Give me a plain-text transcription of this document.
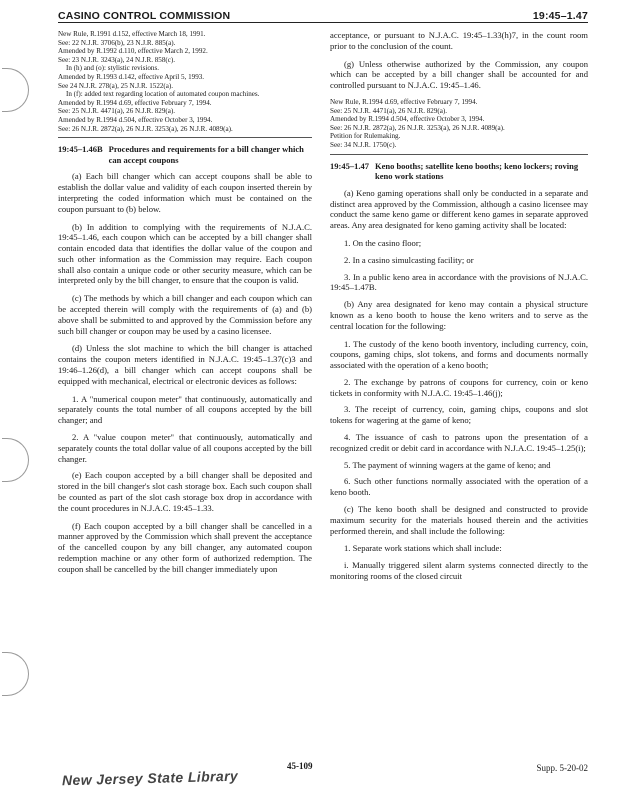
CASINO CONTROL COMMISSION	19:45–1.47
New Rule, R.1991 d.152, effective March 18, 1991.
See: 22 N.J.R. 3706(b), 23 N.J.R. 885(a).
Amended by R.1992 d.110, effective March 2, 1992.
See: 23 N.J.R. 3243(a), 24 N.J.R. 858(c).
In (h) and (o): stylistic revisions.
Amended by R.1993 d.142, effective April 5, 1993.
See 24 N.J.R. 278(a), 25 N.J.R. 1522(a).
In (f): added text regarding location of automated coupon machines.
Amended by R.1994 d.69, effective February 7, 1994.
See: 25 N.J.R. 4471(a), 26 N.J.R. 829(a).
Amended by R.1994 d.504, effective October 3, 1994.
See: 26 N.J.R. 2872(a), 26 N.J.R. 3253(a), 26 N.J.R. 4089(a).
19:45–1.46B Procedures and requirements for a bill changer which can accept coupons

(a) Each bill changer which can accept coupons shall be able to establish the dollar value and validity of each coupon inserted therein by interpreting the coded information which must be contained on the coupon pursuant to (b) below.

(b) In addition to complying with the requirements of N.J.A.C. 19:45–1.46, each coupon which can be accepted by a bill changer shall contain encoded data that identifies the dollar value of the coupon and such other information as the Commission may require. Each coupon shall also contain a unique code or other security measure, which can be interpreted only by the bill changer, to ensure that the coupon is valid.

(c) The methods by which a bill changer and each coupon which can be accepted therein will comply with the requirements of (a) and (b) above shall be submitted to and approved by the Commission before any such bill changer or coupon may be used by a casino licensee.

(d) Unless the slot machine to which the bill changer is attached contains the coupon meters identified in N.J.A.C. 19:45–1.37(c)3 and 19:46–1.26(d), a bill changer which can accept coupons shall be equipped with mechanical, electrical or electronic devices as follows:

1. A "numerical coupon meter" that continuously, automatically and separately counts the total number of all coupons accepted by the bill changer; and

2. A "value coupon meter" that continuously, automatically and separately counts the total dollar value of all coupons accepted by the bill changer.

(e) Each coupon accepted by a bill changer shall be deposited and stored in the bill changer's slot cash storage box. Each such coupon shall be counted as part of the slot cash storage box drop in accordance with the count procedures in N.J.A.C. 19:45–1.33.

(f) Each coupon accepted by a bill changer shall be cancelled in a manner approved by the Commission which shall prevent the acceptance of the cancelled coupon by any bill changer, any automated coupon redemption machine or any other form of authorized redemption. The coupon shall be cancelled by the bill changer immediately upon

acceptance, or pursuant to N.J.A.C. 19:45–1.33(h)7, in the count room prior to the conclusion of the count.

(g) Unless otherwise authorized by the Commission, any coupon which can be accepted by a bill changer shall be accounted for and controlled pursuant to N.J.A.C. 19:45–1.46.

New Rule, R.1994 d.69, effective February 7, 1994.
See: 25 N.J.R. 4471(a), 26 N.J.R. 829(a).
Amended by R.1994 d.504, effective October 3, 1994.
See: 26 N.J.R. 2872(a), 26 N.J.R. 3253(a), 26 N.J.R. 4089(a).
Petition for Rulemaking.
See: 34 N.J.R. 1750(c).
19:45–1.47 Keno booths; satellite keno booths; keno lockers; roving keno work stations

(a) Keno gaming operations shall only be conducted in a separate and distinct area approved by the Commission, although a casino licensee may conduct the same keno game or different keno games in separate approved areas. Any area designated for keno gaming activity shall be located:

1. On the casino floor;

2. In a casino simulcasting facility; or

3. In a public keno area in accordance with the provisions of N.J.A.C. 19:45–1.47B.

(b) Any area designated for keno may contain a physical structure known as a keno booth to house the keno writers and to serve as the central location for the following:

1. The custody of the keno booth inventory, including currency, coin, coupons, gaming chips, slot tokens, and forms and documents normally associated with the operation of a keno booth;

2. The exchange by patrons of coupons for currency, coin or keno tickets in conformity with N.J.A.C. 19:45–1.46(j);

3. The receipt of currency, coin, gaming chips, coupons and slot tokens for wagering at the game of keno;

4. The issuance of cash to patrons upon the presentation of a recognized credit or debit card in accordance with N.J.A.C. 19:45–1.25(i);

5. The payment of winning wagers at the game of keno; and

6. Such other functions normally associated with the operation of a keno booth.

(c) The keno booth shall be designed and constructed to provide maximum security for the materials housed therein and the activities performed therein, and shall include the following:

1. Separate work stations which shall include:

i. Manually triggered silent alarm systems connected directly to the monitoring rooms of the closed circuit

New Jersey State Library
45-109	Supp. 5-20-02
